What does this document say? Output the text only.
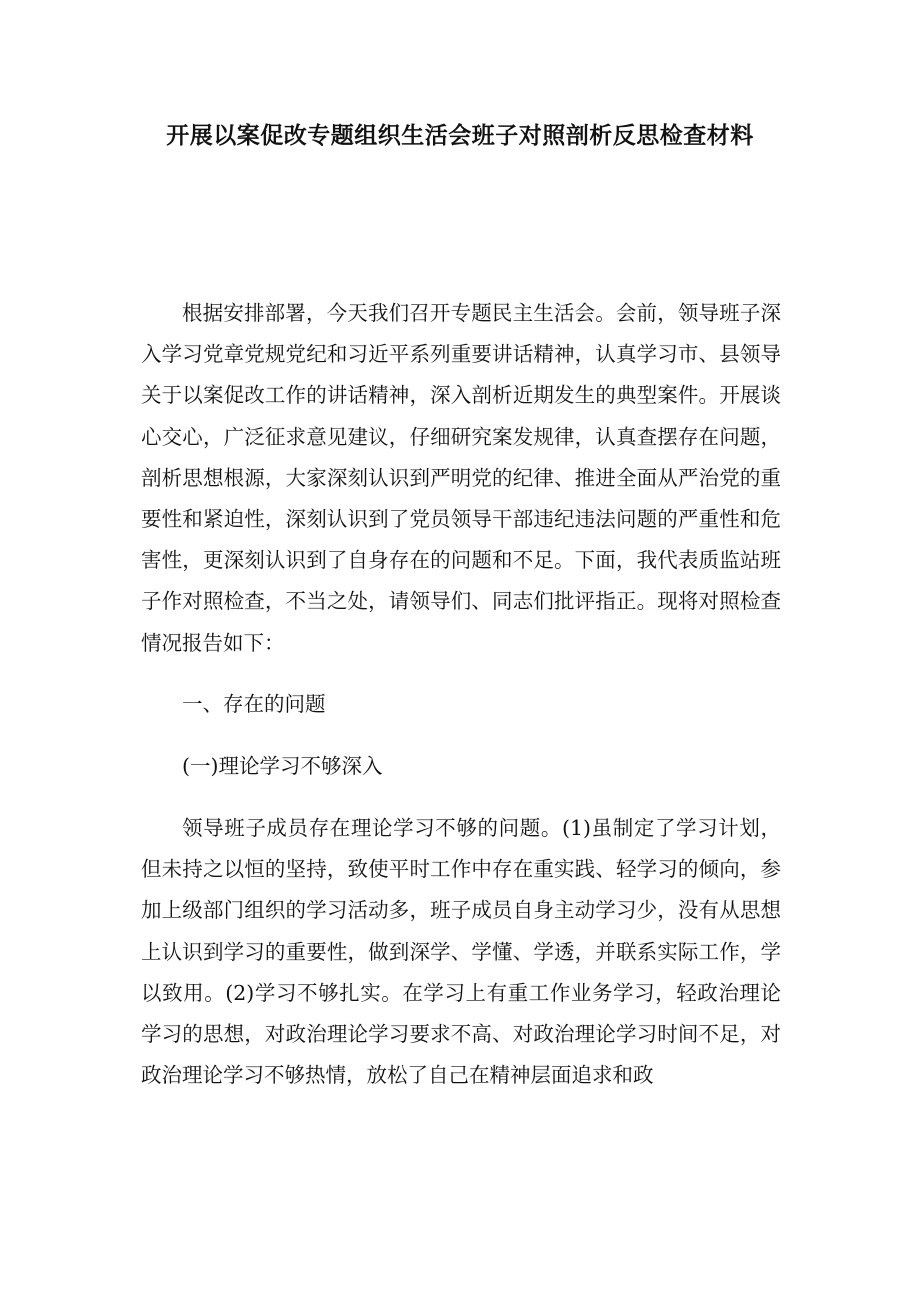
开展以案促改专题组织生活会班子对照剖析反思检查材料

根据安排部署，今天我们召开专题民主生活会。会前，领导班子深入学习党章党规党纪和习近平系列重要讲话精神，认真学习市、县领导关于以案促改工作的讲话精神，深入剖析近期发生的典型案件。开展谈心交心，广泛征求意见建议，仔细研究案发规律，认真查摆存在问题，剖析思想根源，大家深刻认识到严明党的纪律、推进全面从严治党的重要性和紧迫性，深刻认识到了党员领导干部违纪违法问题的严重性和危害性，更深刻认识到了自身存在的问题和不足。下面，我代表质监站班子作对照检查，不当之处，请领导们、同志们批评指正。现将对照检查情况报告如下：

一、存在的问题

(一)理论学习不够深入

领导班子成员存在理论学习不够的问题。(1)虽制定了学习计划，但未持之以恒的坚持，致使平时工作中存在重实践、轻学习的倾向，参加上级部门组织的学习活动多，班子成员自身主动学习少，没有从思想上认识到学习的重要性，做到深学、学懂、学透，并联系实际工作，学以致用。(2)学习不够扎实。在学习上有重工作业务学习，轻政治理论学习的思想，对政治理论学习要求不高、对政治理论学习时间不足，对政治理论学习不够热情，放松了自己在精神层面追求和政
